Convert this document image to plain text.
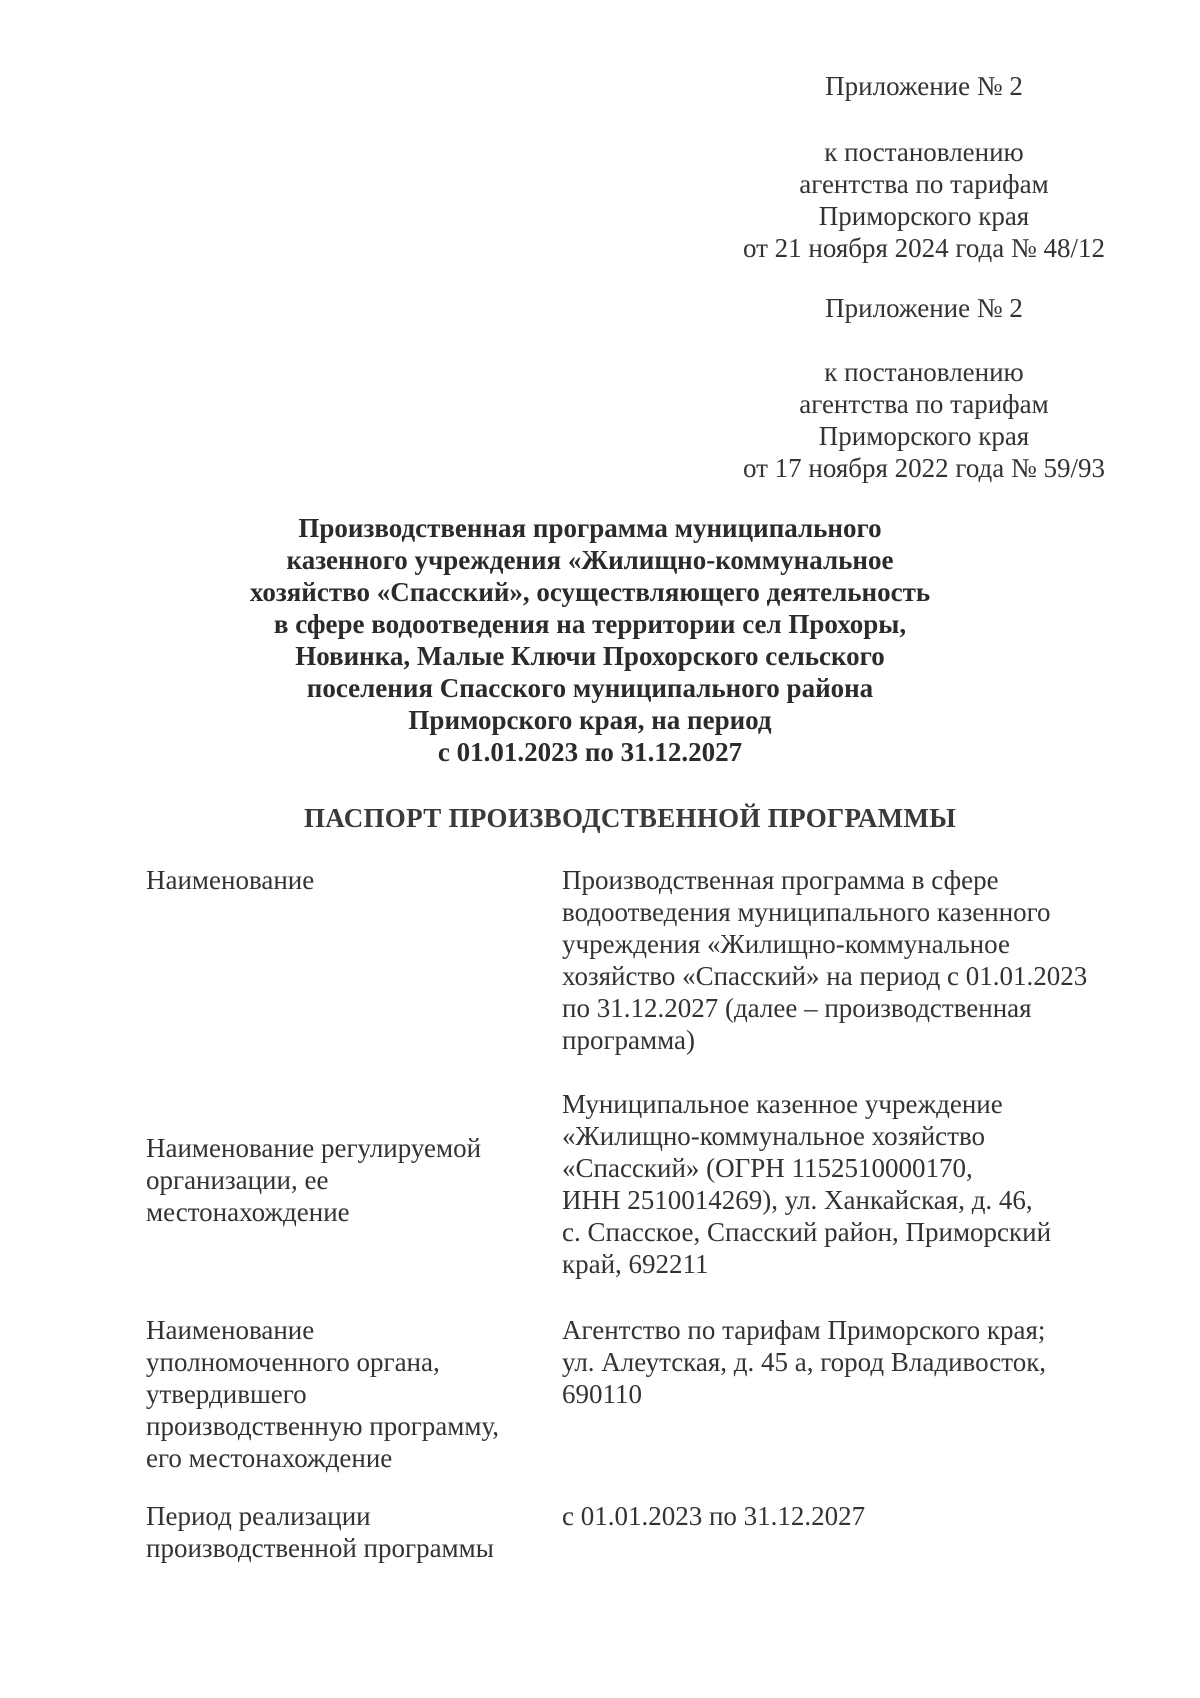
Приложение № 2
к постановлению
агентства по тарифам
Приморского края
от 21 ноября 2024 года № 48/12
Приложение № 2
к постановлению
агентства по тарифам
Приморского края
от 17 ноября 2022 года № 59/93
Производственная программа муниципального
казенного учреждения «Жилищно-коммунальное
хозяйство «Спасский», осуществляющего деятельность
в сфере водоотведения на территории сел Прохоры,
Новинка, Малые Ключи Прохорского сельского
поселения Спасского муниципального района
Приморского края, на период
с 01.01.2023 по 31.12.2027
ПАСПОРТ ПРОИЗВОДСТВЕННОЙ ПРОГРАММЫ
Наименование	Производственная программа в сфере
водоотведения муниципального казенного
учреждения «Жилищно-коммунальное
хозяйство «Спасский» на период с 01.01.2023
по 31.12.2027 (далее – производственная
программа)
Наименование регулируемой
организации, ее
местонахождение
Муниципальное казенное учреждение
«Жилищно-коммунальное хозяйство
«Спасский» (ОГРН 1152510000170,
ИНН 2510014269), ул. Ханкайская, д. 46,
с. Спасское, Спасский район, Приморский
край, 692211
Наименование
уполномоченного органа,
утвердившего
производственную программу,
его местонахождение
Агентство по тарифам Приморского края;
ул. Алеутская, д. 45 а, город Владивосток,
690110
Период реализации
производственной программы
с 01.01.2023 по 31.12.2027
